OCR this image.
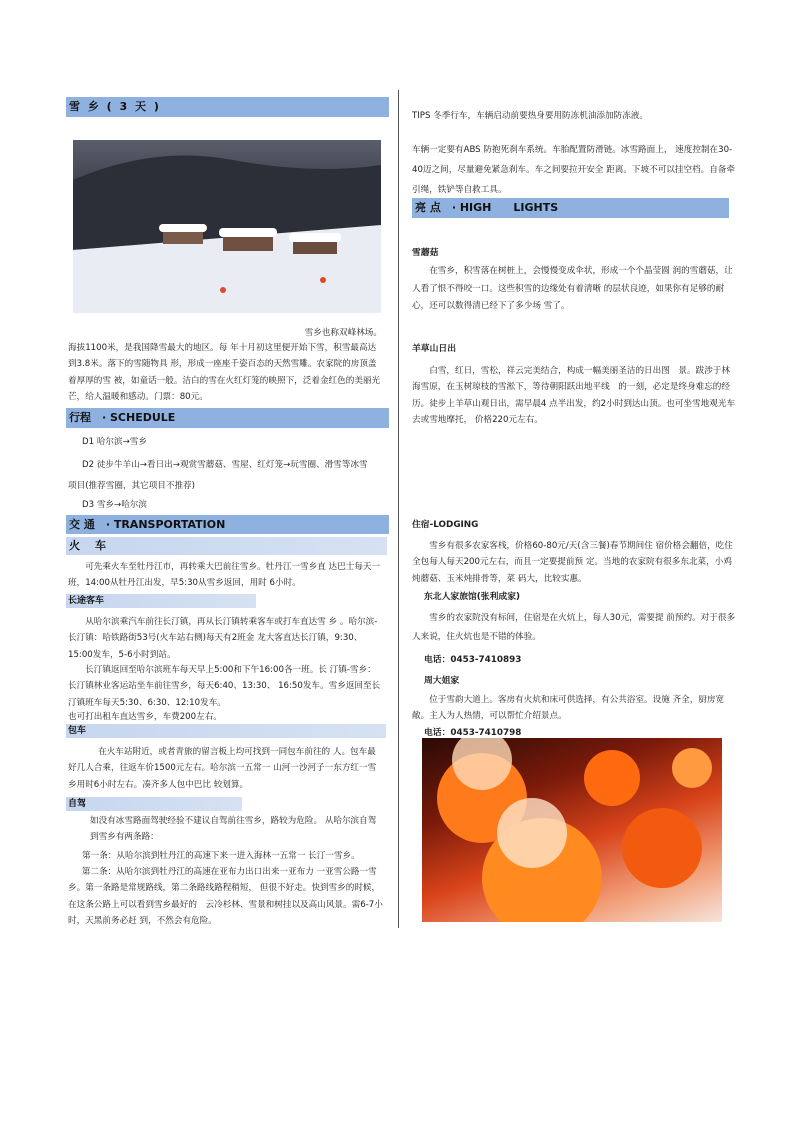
雪 乡 ( 3 天 )
雪乡也称双峰林场。

海拔1100米，是我国降雪最大的地区。每 年十月初这里便开始下雪，积雪最高达到3.8米。落下的雪随物具 形，形成一座座千姿百态的天然雪雕。农家院的房顶盖着厚厚的雪 被，如童话一般。洁白的雪在火红灯笼的映照下，泛着金红色的美丽光芒，给人温暖和感动。门票：80元。

行程　· SCHEDULE
D1 哈尔滨→雪乡
D2 徒步牛羊山→看日出→观赏雪蘑菇、雪屋、红灯笼→玩雪圈、滑雪等冰雪
项目(推荐雪圈，其它项目不推荐)
D3 雪乡→哈尔滨
交 通　· TRANSPORTATION
火　车

可先乘火车至牡丹江市，再转乘大巴前往雪乡。牡丹江一雪乡直 达巴士每天一班，14:00从牡丹江出发，早5:30从雪乡返回，用时 6小时。

长途客车

从哈尔滨乘汽车前往长汀镇，再从长汀镇转乘客车或打车直达雪 乡 。哈尔滨-长汀镇：哈铁路街53号(火车站右侧)每天有2班金 龙大客直达长汀镇，9:30、15:00发车，5-6小时到站。

长汀镇返回至哈尔滨班车每天早上5:00和下午16:00各一班。长 汀镇-雪乡：长汀镇林业客运站坐车前往雪乡，每天6:40、13:30、 16:50发车。雪乡返回至长汀镇班车每天5:30、6:30、12:10发车。

也可打出租车直达雪乡，车费200左右。

包车

在火车站附近，或者青旅的留言板上均可找到一同包车前往的 人。包车最好几人合乘，往返车价1500元左右。哈尔滨一五常一 山河一沙河子一东方红一雪乡用时6小时左右。凑齐多人包中巴比 较划算。

自驾

如没有冰雪路面驾驶经验不建议自驾前往雪乡，路较为危险。 从哈尔滨自驾到雪乡有两条路：

第一条：从哈尔滨到牡丹江的高速下来一进入海林一五常一 长汀一雪乡。

第二条：从哈尔滨到牡丹江的高速在亚布力出口出来一亚布力 一亚雪公路一雪乡。第一条路是常规路线，第二条路线路程稍短， 但很不好走。快到雪乡的时候，在这条公路上可以看到雪乡最好的　云冷杉林、雪景和树挂以及高山风景。需6-7小时，天黑前务必赶 到，不然会有危险。

TIPS 冬季行车，车辆启动前要热身要用防冻机油添加防冻液。

车辆一定要有ABS 防抱死刹车系统。车胎配置防滑链。冰雪路面上， 速度控制在30-40迈之间，尽量避免紧急刹车。车之间要拉开安全 距离。下坡不可以挂空档。自备牵引绳，铁铲等自救工具。

亮 点　· HIGH　　LIGHTS
雪蘑菇

在雪乡，积雪落在树桩上，会慢慢变成伞状，形成一个个晶莹圆 润的雪蘑菇，让人看了恨不得咬一口。这些积雪的边缘处有着清晰 的层状良迹，如果你有足够的耐心，还可以数得清已经下了多少场 雪了。

羊草山日出

白雪，红日，雪松，祥云完美结合，构成一幅美丽圣洁的日出图　景。跋涉于林海雪原，在玉树琼枝的雪淞下，等待朝阳跃出地平线　的一刻，必定是终身难忘的经历。徒步上羊草山观日出，需早晨4 点半出发，约2小时到达山顶。也可坐雪地观光车去或雪地摩托， 价格220元左右。

住宿-LODGING

雪乡有很多农家客栈，价格60-80元/天(含三餐)春节期间住 宿价格会翻倍，吃住全包每人每天200元左右，而且一定要提前预 定。当地的农家院有很多东北菜，小鸡炖蘑菇、玉米炖排骨等，菜 码大，比较实惠。

东北人家旅馆(张利成家)

雪乡的农家院没有标间，住宿是在火炕上，每人30元，需要提 前预约。对于很多人来说，住火炕也是不错的体验。

电话：0453-7410893
周大姐家

位于雪韵大道上。客房有火炕和床可供选择，有公共浴室。设施 齐全，厨房宽敞。主人为人热情，可以帮忙介绍景点。

电话：0453-7410798
